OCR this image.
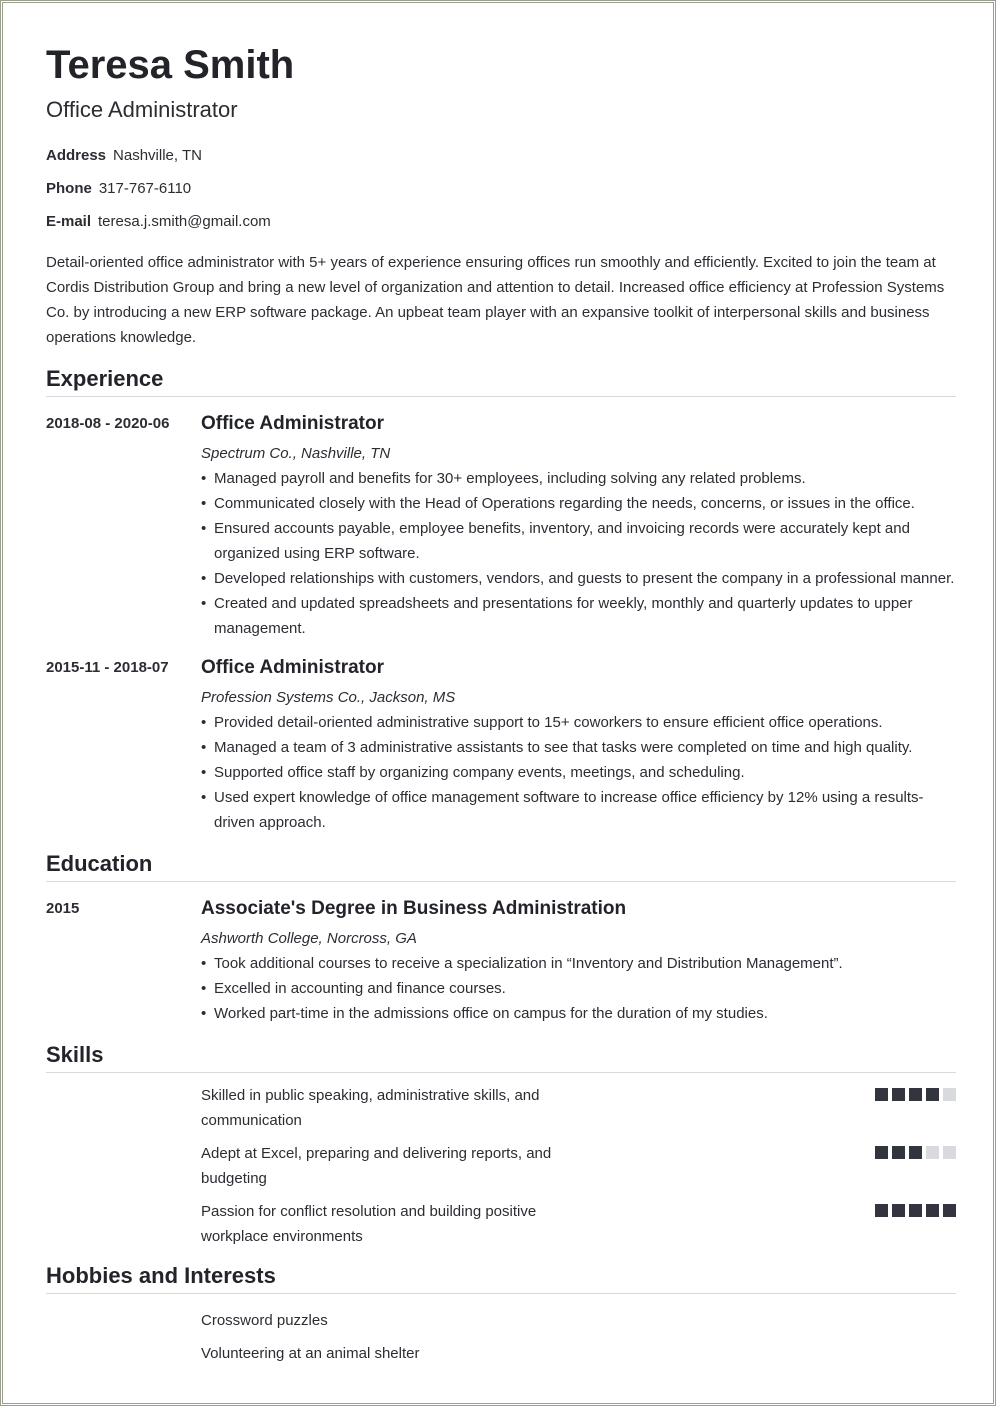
Teresa Smith
Office Administrator
Address Nashville, TN
Phone 317-767-6110
E-mail teresa.j.smith@gmail.com
Detail-oriented office administrator with 5+ years of experience ensuring offices run smoothly and efficiently. Excited to join the team at Cordis Distribution Group and bring a new level of organization and attention to detail. Increased office efficiency at Profession Systems Co. by introducing a new ERP software package. An upbeat team player with an expansive toolkit of interpersonal skills and business operations knowledge.
Experience
2018-08 - 2020-06	Office Administrator
Spectrum Co., Nashville, TN
• Managed payroll and benefits for 30+ employees, including solving any related problems.
• Communicated closely with the Head of Operations regarding the needs, concerns, or issues in the office.
• Ensured accounts payable, employee benefits, inventory, and invoicing records were accurately kept and organized using ERP software.
• Developed relationships with customers, vendors, and guests to present the company in a professional manner.
• Created and updated spreadsheets and presentations for weekly, monthly and quarterly updates to upper management.
2015-11 - 2018-07	Office Administrator
Profession Systems Co., Jackson, MS
• Provided detail-oriented administrative support to 15+ coworkers to ensure efficient office operations.
• Managed a team of 3 administrative assistants to see that tasks were completed on time and high quality.
• Supported office staff by organizing company events, meetings, and scheduling.
• Used expert knowledge of office management software to increase office efficiency by 12% using a results-driven approach.
Education
2015	Associate's Degree in Business Administration
Ashworth College, Norcross, GA
• Took additional courses to receive a specialization in “Inventory and Distribution Management”.
• Excelled in accounting and finance courses.
• Worked part-time in the admissions office on campus for the duration of my studies.
Skills
Skilled in public speaking, administrative skills, and communication
Adept at Excel, preparing and delivering reports, and budgeting
Passion for conflict resolution and building positive workplace environments
Hobbies and Interests
Crossword puzzles
Volunteering at an animal shelter
